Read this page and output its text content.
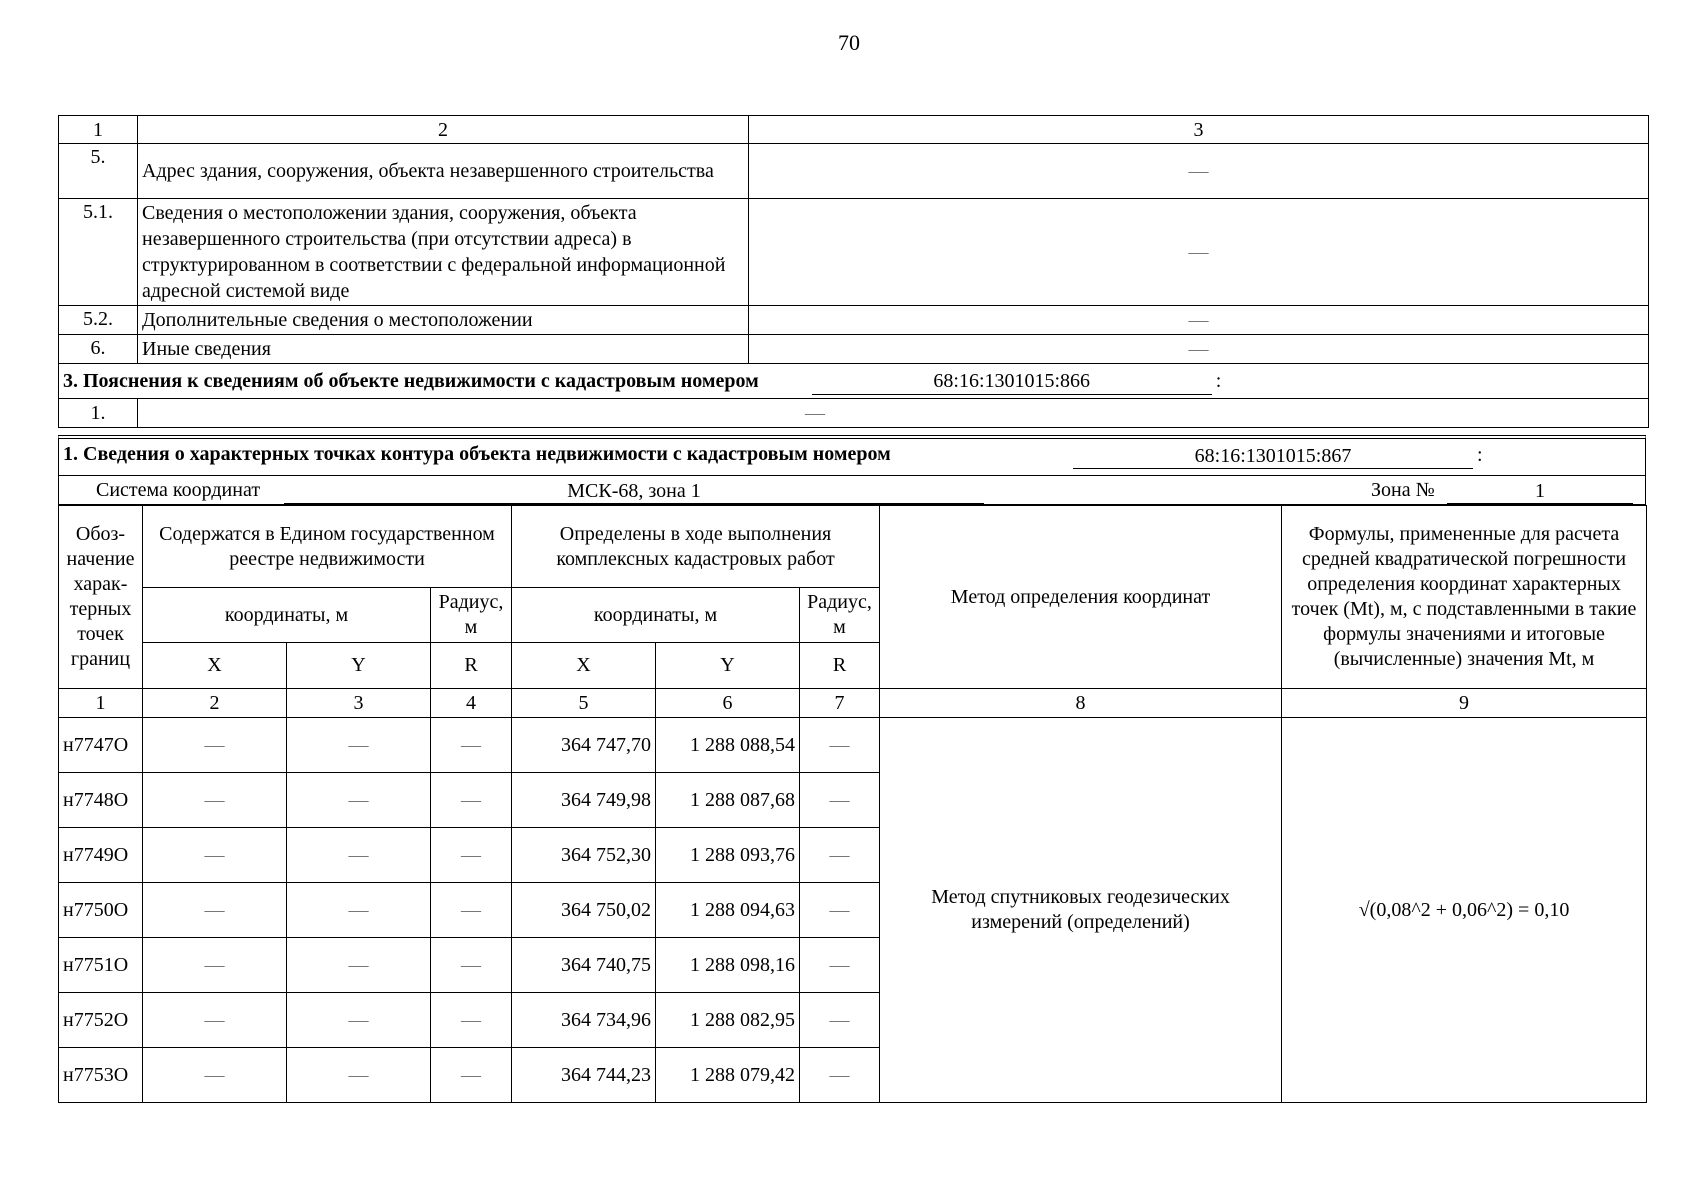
70
1	2	3
5.	Адрес здания, сооружения, объекта незавершенного строительства	—
5.1.	Сведения о местоположении здания, сооружения, объекта незавершенного строительства (при отсутствии адреса) в структурированном в соответствии с федеральной информационной адресной системой виде	—
5.2.	Дополнительные сведения о местоположении	—
6.	Иные сведения	—
3. Пояснения к сведениям об объекте недвижимости с кадастровым номером 68:16:1301015:866 :		
1.	—	
1. Сведения о характерных точках контура объекта недвижимости с кадастровым номером	68:16:1301015:867	:
Система координат	МСК-68, зона 1	Зона №	1
Обоз-начение харак-терных точек границ	Содержатся в Едином государственном реестре недвижимости			Определены в ходе выполнения комплексных кадастровых работ			Метод определения координат	Формулы, примененные для расчета средней квадратической погрешности определения координат характерных точек (Mt), м, с подставленными в такие формулы значениями и итоговые (вычисленные) значения Mt, м
	координаты, м		Радиус, м	координаты, м		Радиус, м		
	X	Y	R	X	Y	R		
1	2	3	4	5	6	7	8	9
н7747О	—	—	—	364 747,70	1 288 088,54	—	Метод спутниковых геодезических измерений (определений)	√(0,08^2 + 0,06^2) = 0,10
н7748О	—	—	—	364 749,98	1 288 087,68	—		
н7749О	—	—	—	364 752,30	1 288 093,76	—		
н7750О	—	—	—	364 750,02	1 288 094,63	—		
н7751О	—	—	—	364 740,75	1 288 098,16	—		
н7752О	—	—	—	364 734,96	1 288 082,95	—		
н7753О	—	—	—	364 744,23	1 288 079,42	—		
